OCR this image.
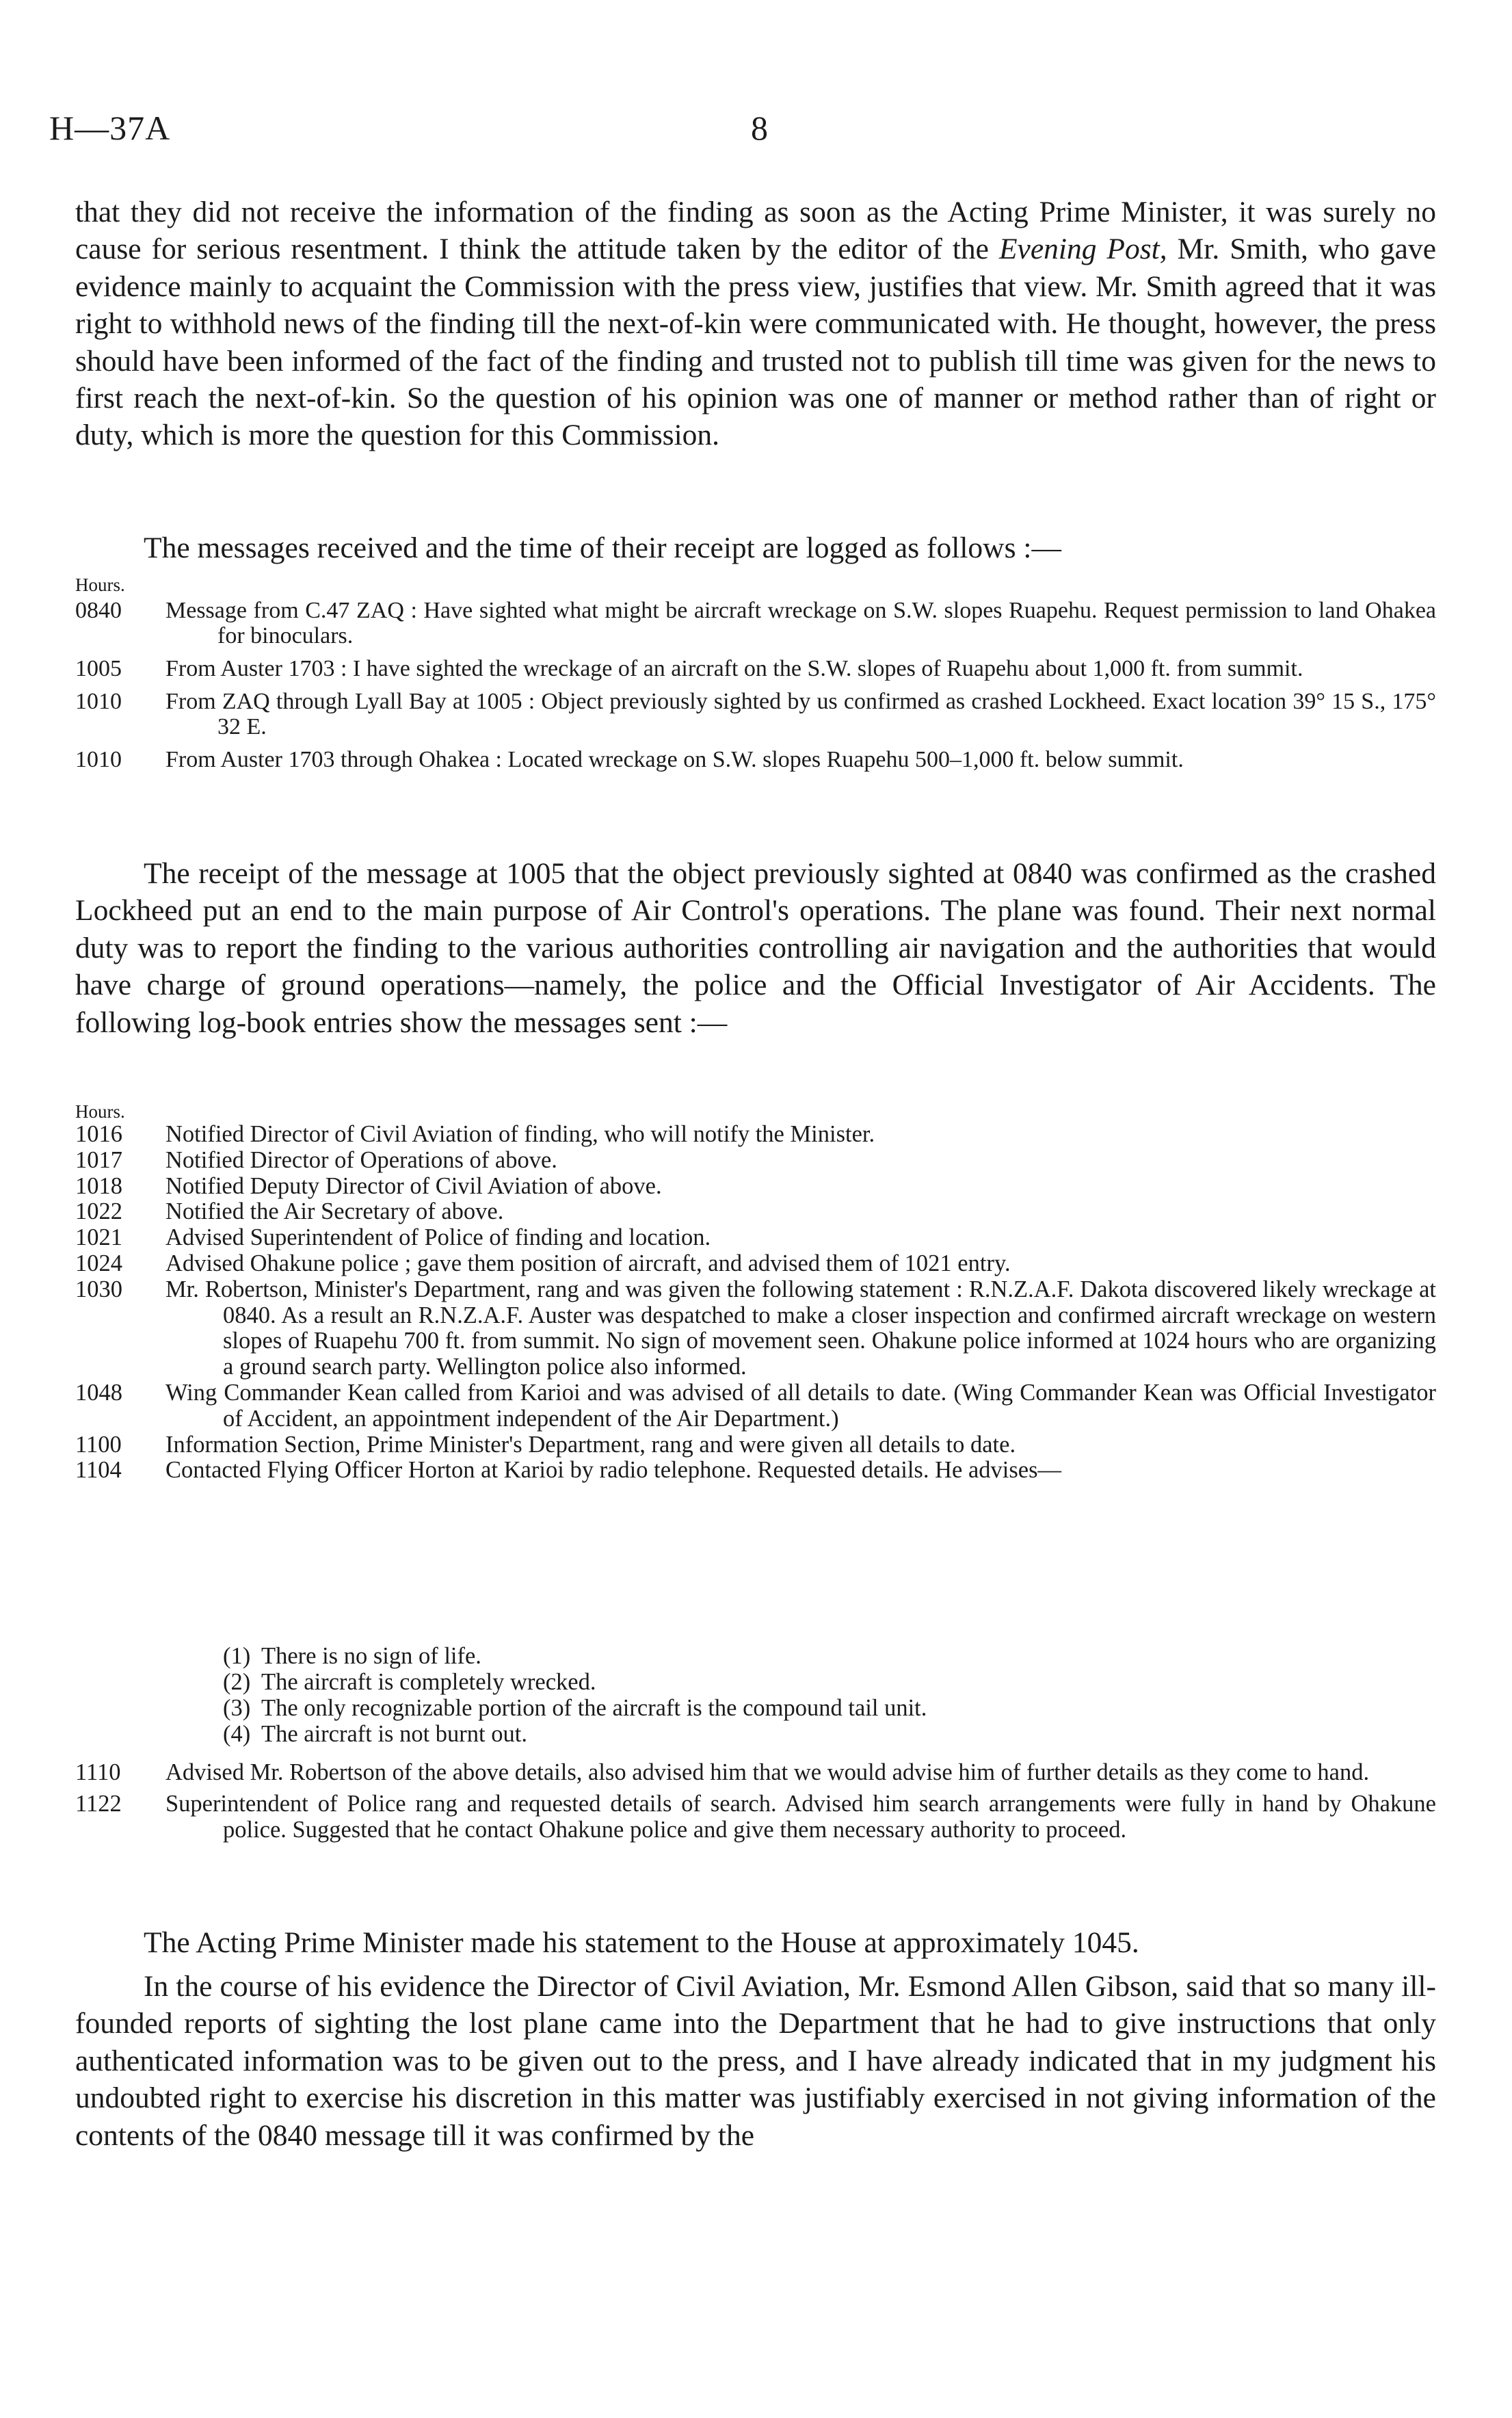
H—37A	8

that they did not receive the information of the finding as soon as the Acting Prime Minister, it was surely no cause for serious resentment. I think the attitude taken by the editor of the Evening Post, Mr. Smith, who gave evidence mainly to acquaint the Commission with the press view, justifies that view. Mr. Smith agreed that it was right to withhold news of the finding till the next-of-kin were communicated with. He thought, however, the press should have been informed of the fact of the finding and trusted not to publish till time was given for the news to first reach the next-of-kin. So the question of his opinion was one of manner or method rather than of right or duty, which is more the question for this Commission.

The messages received and the time of their receipt are logged as follows :—

Hours.
0840 Message from C.47 ZAQ : Have sighted what might be aircraft wreckage on S.W. slopes Ruapehu. Request permission to land Ohakea for binoculars.
1005 From Auster 1703 : I have sighted the wreckage of an aircraft on the S.W. slopes of Ruapehu about 1,000 ft. from summit.
1010 From ZAQ through Lyall Bay at 1005 : Object previously sighted by us confirmed as crashed Lockheed. Exact location 39° 15 S., 175° 32 E.
1010 From Auster 1703 through Ohakea : Located wreckage on S.W. slopes Ruapehu 500–1,000 ft. below summit.

The receipt of the message at 1005 that the object previously sighted at 0840 was confirmed as the crashed Lockheed put an end to the main purpose of Air Control's operations. The plane was found. Their next normal duty was to report the finding to the various authorities controlling air navigation and the authorities that would have charge of ground operations—namely, the police and the Official Investigator of Air Accidents. The following log-book entries show the messages sent :—

Hours.
1016 Notified Director of Civil Aviation of finding, who will notify the Minister.
1017 Notified Director of Operations of above.
1018 Notified Deputy Director of Civil Aviation of above.
1022 Notified the Air Secretary of above.
1021 Advised Superintendent of Police of finding and location.
1024 Advised Ohakune police ; gave them position of aircraft, and advised them of 1021 entry.
1030 Mr. Robertson, Minister's Department, rang and was given the following statement : R.N.Z.A.F. Dakota discovered likely wreckage at 0840. As a result an R.N.Z.A.F. Auster was despatched to make a closer inspection and confirmed aircraft wreckage on western slopes of Ruapehu 700 ft. from summit. No sign of movement seen. Ohakune police informed at 1024 hours who are organizing a ground search party. Wellington police also informed.
1048 Wing Commander Kean called from Karioi and was advised of all details to date. (Wing Commander Kean was Official Investigator of Accident, an appointment independent of the Air Department.)
1100 Information Section, Prime Minister's Department, rang and were given all details to date.
1104 Contacted Flying Officer Horton at Karioi by radio telephone. Requested details. He advises—
(1) There is no sign of life.
(2) The aircraft is completely wrecked.
(3) The only recognizable portion of the aircraft is the compound tail unit.
(4) The aircraft is not burnt out.
1110 Advised Mr. Robertson of the above details, also advised him that we would advise him of further details as they come to hand.
1122 Superintendent of Police rang and requested details of search. Advised him search arrangements were fully in hand by Ohakune police. Suggested that he contact Ohakune police and give them necessary authority to proceed.

The Acting Prime Minister made his statement to the House at approximately 1045.

In the course of his evidence the Director of Civil Aviation, Mr. Esmond Allen Gibson, said that so many ill-founded reports of sighting the lost plane came into the Department that he had to give instructions that only authenticated information was to be given out to the press, and I have already indicated that in my judgment his undoubted right to exercise his discretion in this matter was justifiably exercised in not giving information of the contents of the 0840 message till it was confirmed by the
